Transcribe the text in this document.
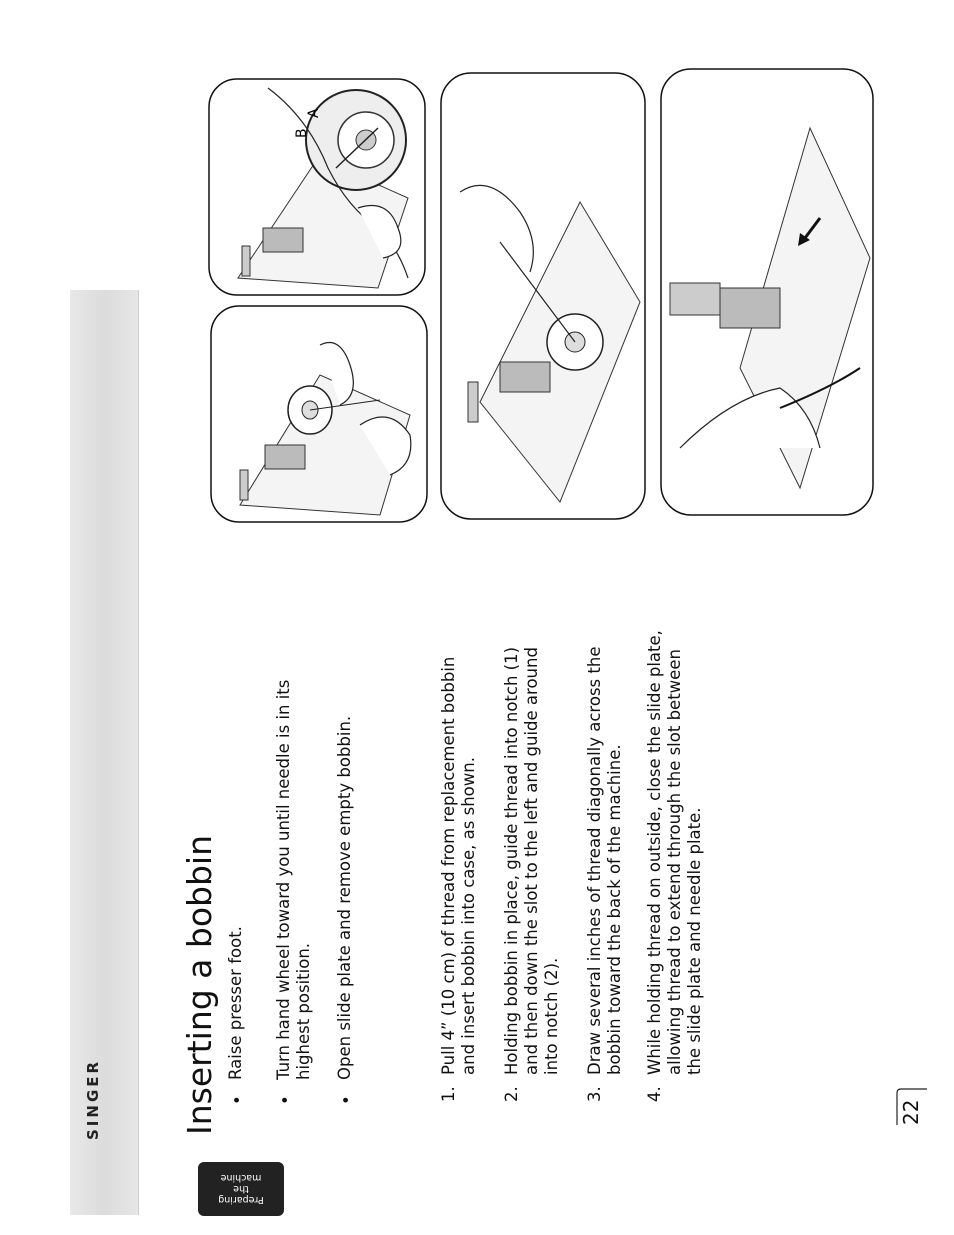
SINGER
Preparing
the
machine
Inserting a bobbin •
Raise presser foot.
•
Turn hand wheel toward you until needle is in its highest position.
•
Open slide plate and remove empty bobbin.
1.
Pull 4” (10 cm) of thread from replacement bobbin and insert bobbin into case, as shown.
2.
Holding bobbin in place, guide thread into notch (1) and then down the slot to the left and guide around into notch (2).
3.
Draw several inches of thread diagonally across the bobbin toward the back of the machine.
4.
While holding thread on outside, close the slide plate, allowing thread to extend through the slot between the slide plate and needle plate.
22
B
A
